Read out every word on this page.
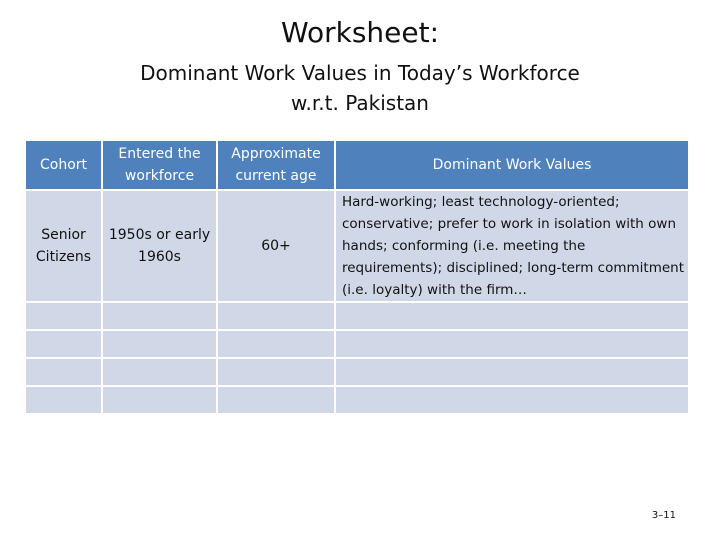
Worksheet:
Dominant Work Values in Today’s Workforce
w.r.t. Pakistan
Cohort	Entered the workforce	Approximate current age	Dominant Work Values
Senior Citizens	1950s or early 1960s	60+	Hard-working; least technology-oriented; conservative; prefer to work in isolation with own hands; conforming (i.e. meeting the requirements); disciplined; long-term commitment (i.e. loyalty) with the firm…

3–11
